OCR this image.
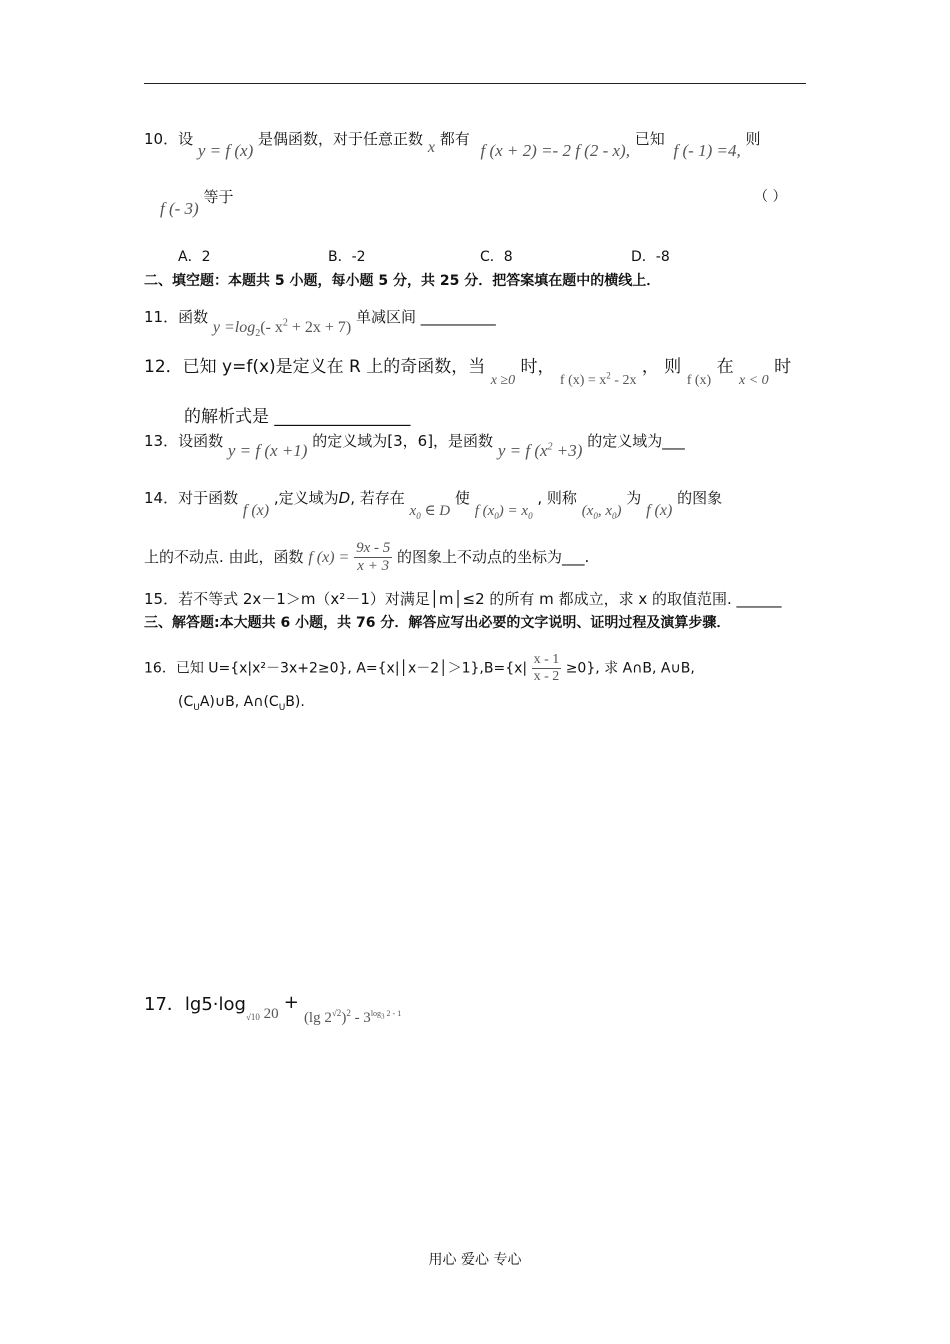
10．设 y = f (x) 是偶函数，对于任意正数 x 都有 f (x + 2) =- 2 f (2 - x), 已知 f (- 1) =4, 则
f (- 3) 等于	（ ）
A．2	B．-2	C．8	D．-8
二、填空题：本题共 5 小题，每小题 5 分，共 25 分．把答案填在题中的横线上．
11．函数 $y =\log_2(-$ $x^2 + 2x + 7$) 单减区间 __________
12．已知 y=f(x)是定义在 R 上的奇函数，当 $_{x \ge 0}$ 时， $_{f (x) = x^2 - 2x}$ ， 则 $_{f (x)}$ 在 $_{x < 0}$ 时
的解析式是 ________________
13．设函数 y = f (x +1) 的定义域为[3，6]，是函数 y = f $(x^2 +3)$ 的定义域为___
14．对于函数 f (x) ,定义域为D, 若存在 $x_0$ ∈ D 使 f $(x_0) = x_0$ , 则称 ($x_0$, $x_0$) 为 f (x) 的图象
上的不动点. 由此，函数 f $(x) = \frac{9x - 5}{x + 3}$ 的图象上不动点的坐标为___.
15．若不等式 2x－1＞m（x²－1）对满足│m│≤2 的所有 m 都成立，求 x 的取值范围. ______
三、解答题:本大题共 6 小题，共 76 分．解答应写出必要的文字说明、证明过程及演算步骤．
16．已知 U={x|x²－3x+2≥0}, A={x|│x－2│＞1},B={x| $\frac{x - 1}{x - 2} \ge 0$}, 求 A∩B, A∪B,
$(C_UA)\cup B$, $A\cap(C_UB)$.
17．$\lg 5\cdot\log_{√10}$ 20 + (lg $2^{√2})^2 - 3^{log_3 2 - 1}$
用心 爱心 专心
